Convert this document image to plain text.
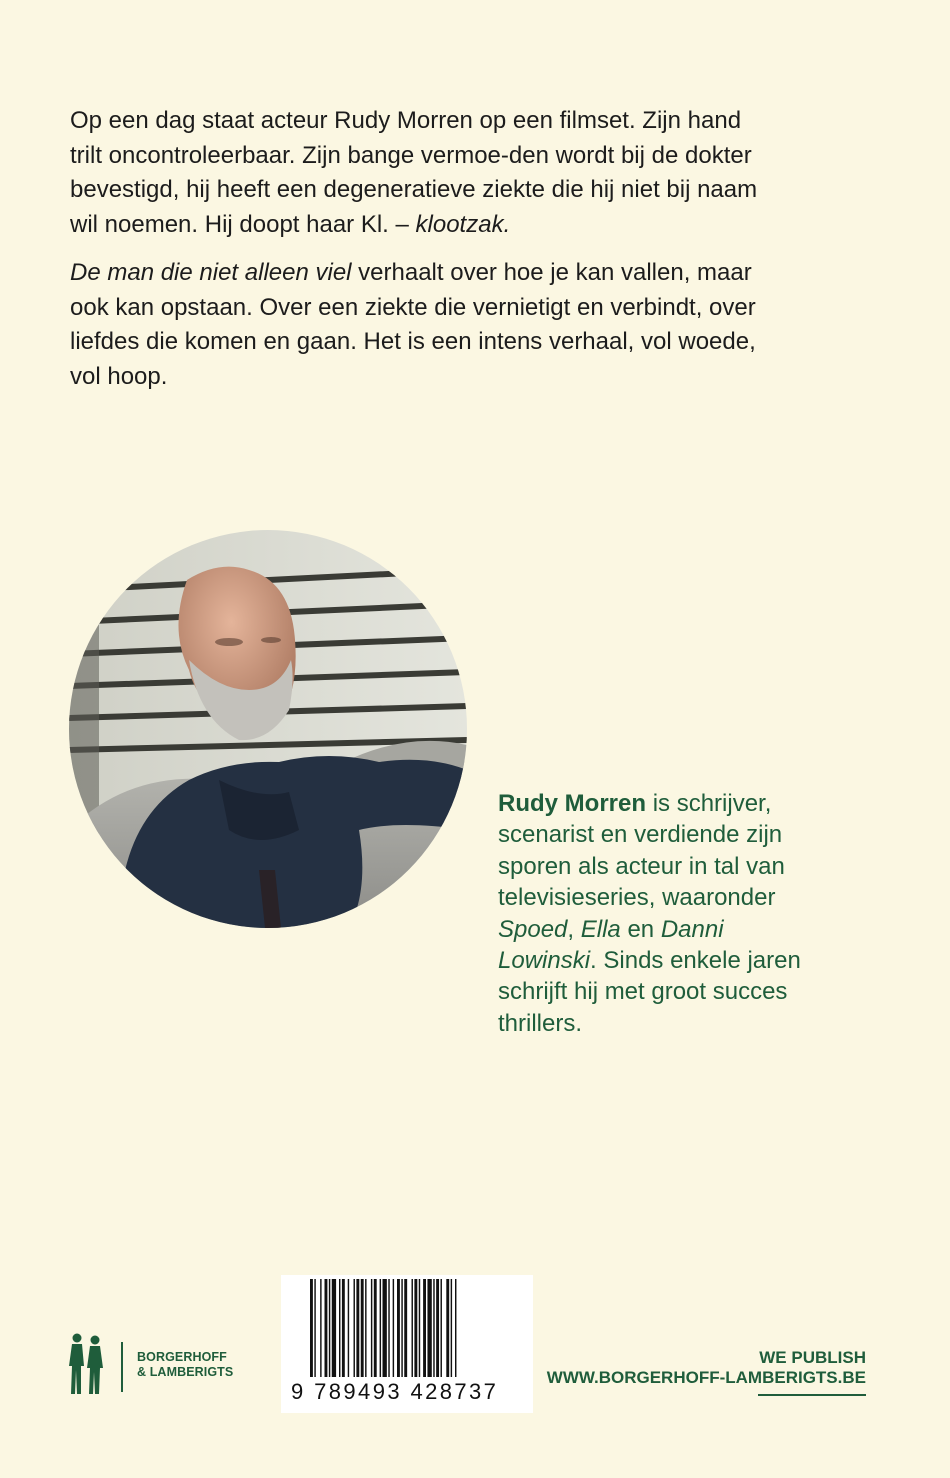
Op een dag staat acteur Rudy Morren op een filmset. Zijn hand trilt oncontroleerbaar. Zijn bange vermoe-den wordt bij de dokter bevestigd, hij heeft een degeneratieve ziekte die hij niet bij naam wil noemen. Hij doopt haar Kl. – klootzak.

De man die niet alleen viel verhaalt over hoe je kan vallen, maar ook kan opstaan. Over een ziekte die vernietigt en verbindt, over liefdes die komen en gaan. Het is een intens verhaal, vol woede, vol hoop.

Rudy Morren is schrijver, scenarist en verdiende zijn sporen als acteur in tal van televisieseries, waaronder Spoed, Ella en Danni Lowinski. Sinds enkele jaren schrijft hij met groot succes thrillers.
9 789493 428737
BORGERHOFF
& LAMBERIGTS
WE PUBLISH
WWW.BORGERHOFF-LAMBERIGTS.BE
